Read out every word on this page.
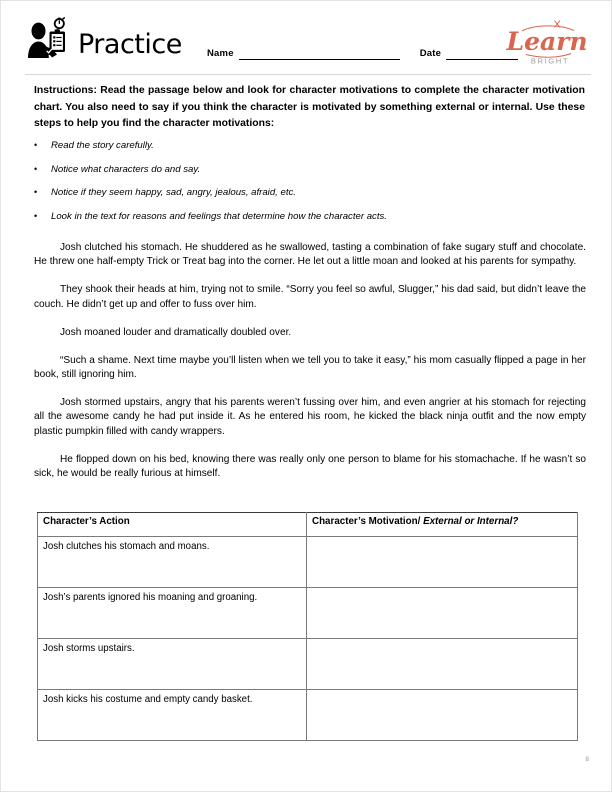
Practice	Name	Date	Learn
BRIGHT
Instructions: Read the passage below and look for character motivations to complete the character motivation chart. You also need to say if you think the character is motivated by something external or internal. Use these steps to help you find the character motivations:
•	Read the story carefully.
•	Notice what characters do and say.
•	Notice if they seem happy, sad, angry, jealous, afraid, etc.
•	Look in the text for reasons and feelings that determine how the character acts.

Josh clutched his stomach. He shuddered as he swallowed, tasting a combination of fake sugary stuff and chocolate. He threw one half-empty Trick or Treat bag into the corner. He let out a little moan and looked at his parents for sympathy.

They shook their heads at him, trying not to smile. “Sorry you feel so awful, Slugger,” his dad said, but didn’t leave the couch. He didn’t get up and offer to fuss over him.

Josh moaned louder and dramatically doubled over.

“Such a shame. Next time maybe you’ll listen when we tell you to take it easy,” his mom casually flipped a page in her book, still ignoring him.

Josh stormed upstairs, angry that his parents weren’t fussing over him, and even angrier at his stomach for rejecting all the awesome candy he had put inside it. As he entered his room, he kicked the black ninja outfit and the now empty plastic pumpkin filled with candy wrappers.

He flopped down on his bed, knowing there was really only one person to blame for his stomachache. If he wasn’t so sick, he would be really furious at himself.

Character’s Action	Character’s Motivation/ External or Internal?
Josh clutches his stomach and moans.	
Josh’s parents ignored his moaning and groaning.	
Josh storms upstairs.	
Josh kicks his costume and empty candy basket.	
8
